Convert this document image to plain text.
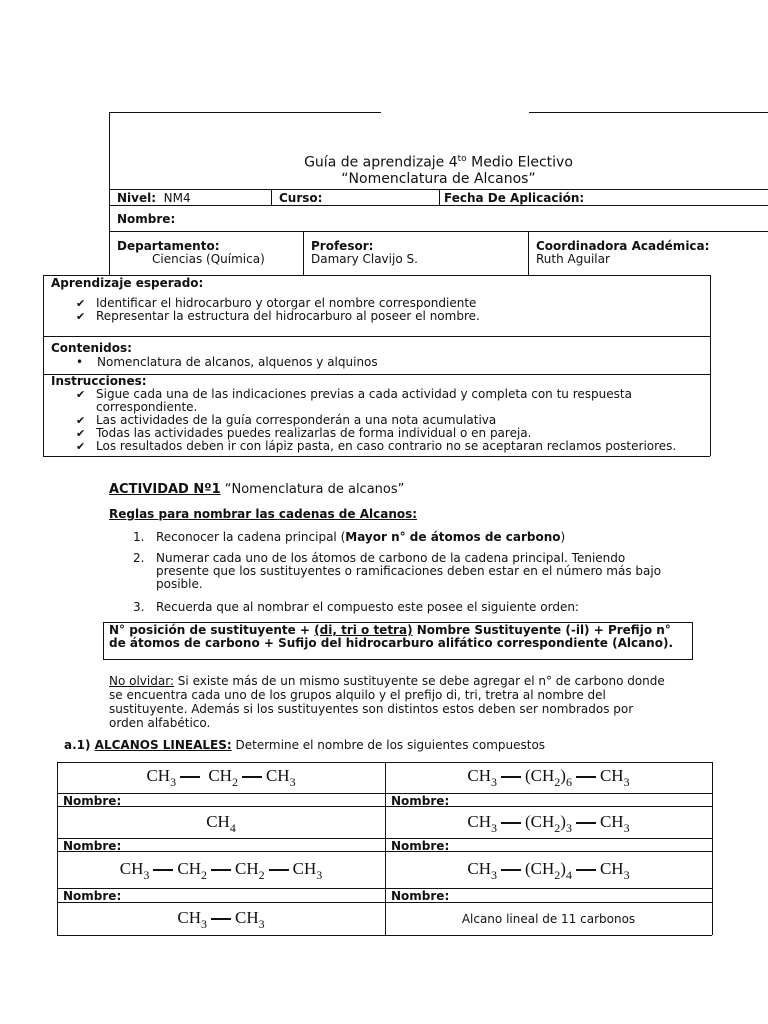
Guía de aprendizaje $4^{to}$ Medio Electivo
“Nomenclatura de Alcanos”
Nivel: NM4	Curso:	Fecha De Aplicación:
Nombre:
Departamento:
Ciencias (Química)
Profesor:
Damary Clavijo S.
Coordinadora Académica:
Ruth Aguilar
Aprendizaje esperado:
✔ Identificar el hidrocarburo y otorgar el nombre correspondiente
✔ Representar la estructura del hidrocarburo al poseer el nombre.
Contenidos:
• Nomenclatura de alcanos, alquenos y alquinos
Instrucciones:
✔ Sigue cada una de las indicaciones previas a cada actividad y completa con tu respuesta correspondiente.
✔ Las actividades de la guía corresponderán a una nota acumulativa
✔ Todas las actividades puedes realizarlas de forma individual o en pareja.
✔ Los resultados deben ir con lápiz pasta, en caso contrario no se aceptaran reclamos posteriores.
ACTIVIDAD Nº1 “Nomenclatura de alcanos”
Reglas para nombrar las cadenas de Alcanos:
1. Reconocer la cadena principal (Mayor n° de átomos de carbono)
2. Numerar cada uno de los átomos de carbono de la cadena principal. Teniendo presente que los sustituyentes o ramificaciones deben estar en el número más bajo posible.
3. Recuerda que al nombrar el compuesto este posee el siguiente orden:
N° posición de sustituyente + (di, tri o tetra) Nombre Sustituyente (-il) + Prefijo n° de átomos de carbono + Sufijo del hidrocarburo alifático correspondiente (Alcano).
No olvidar: Si existe más de un mismo sustituyente se debe agregar el n° de carbono donde se encuentra cada uno de los grupos alquilo y el prefijo di, tri, tretra al nombre del sustituyente. Además si los sustituyentes son distintos estos deben ser nombrados por orden alfabético.
a.1) ALCANOS LINEALES: Determine el nombre de los siguientes compuestos
$CH_3$ $CH_2$ $CH_3$	$CH_3$ $(CH_2)_6$ $CH_3$
Nombre:	Nombre:
$CH_4$	$CH_3$ $(CH_2)_3$ $CH_3$
Nombre:	Nombre:
$CH_3$ $CH_2$ $CH_2$ $CH_3$	$CH_3$ $(CH_2)_4$ $CH_3$
Nombre:	Nombre:
$CH_3$ $CH_3$	Alcano lineal de 11 carbonos
